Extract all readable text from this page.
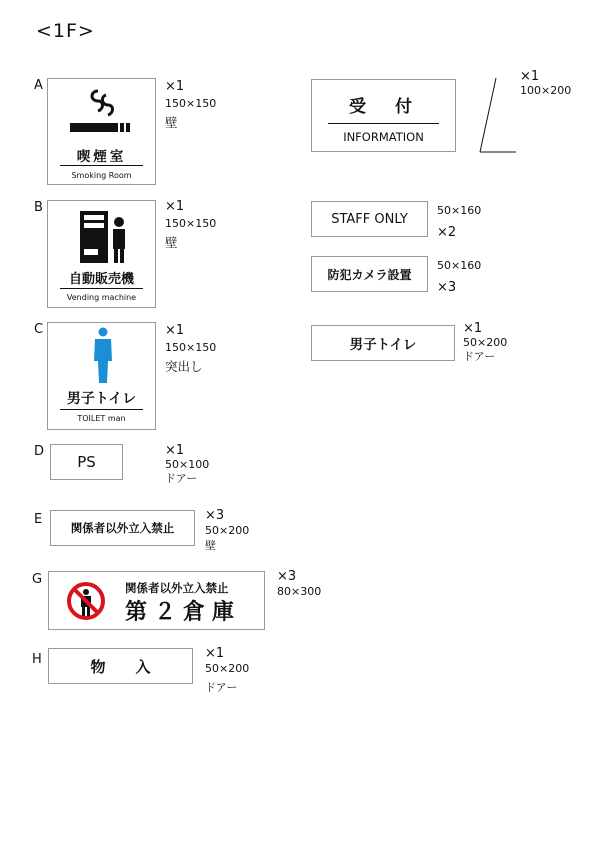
<1F>
A
喫煙室
Smoking Room
×1
150×150
壁
B
自動販売機
Vending machine
×1
150×150
壁
C
男子トイレ
TOILET man
×1
150×150
突出し
D
PS
×1
50×100
ドアー
E
関係者以外立入禁止
×3
50×200
壁
G
関係者以外立入禁止
第２倉庫
×3
80×300
H	物　　入
×1
50×200
ドアー
受　付
INFORMATION
×1
100×200
STAFF ONLY
50×160
×2
防犯カメラ設置
50×160
×3
男子トイレ
×1
50×200
ドアー
